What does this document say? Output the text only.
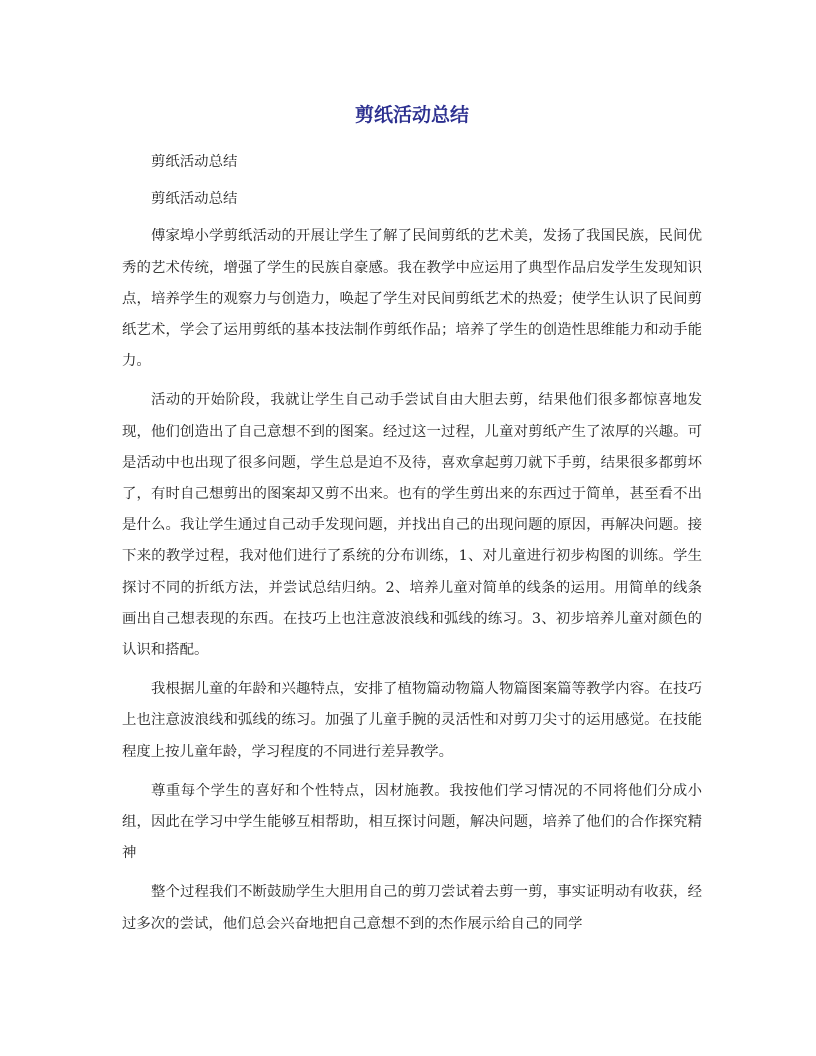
剪纸活动总结

剪纸活动总结

剪纸活动总结

傅家埠小学剪纸活动的开展让学生了解了民间剪纸的艺术美，发扬了我国民族，民间优秀的艺术传统，增强了学生的民族自豪感。我在教学中应运用了典型作品启发学生发现知识点，培养学生的观察力与创造力，唤起了学生对民间剪纸艺术的热爱；使学生认识了民间剪纸艺术，学会了运用剪纸的基本技法制作剪纸作品；培养了学生的创造性思维能力和动手能力。

活动的开始阶段，我就让学生自己动手尝试自由大胆去剪，结果他们很多都惊喜地发现，他们创造出了自己意想不到的图案。经过这一过程，儿童对剪纸产生了浓厚的兴趣。可是活动中也出现了很多问题，学生总是迫不及待，喜欢拿起剪刀就下手剪，结果很多都剪坏了，有时自己想剪出的图案却又剪不出来。也有的学生剪出来的东西过于简单，甚至看不出是什么。我让学生通过自己动手发现问题，并找出自己的出现问题的原因，再解决问题。接下来的教学过程，我对他们进行了系统的分布训练，1、对儿童进行初步构图的训练。学生探讨不同的折纸方法，并尝试总结归纳。2、培养儿童对简单的线条的运用。用简单的线条画出自己想表现的东西。在技巧上也注意波浪线和弧线的练习。3、初步培养儿童对颜色的认识和搭配。

我根据儿童的年龄和兴趣特点，安排了植物篇动物篇人物篇图案篇等教学内容。在技巧上也注意波浪线和弧线的练习。加强了儿童手腕的灵活性和对剪刀尖寸的运用感觉。在技能程度上按儿童年龄，学习程度的不同进行差异教学。

尊重每个学生的喜好和个性特点，因材施教。我按他们学习情况的不同将他们分成小组，因此在学习中学生能够互相帮助，相互探讨问题，解决问题，培养了他们的合作探究精神

整个过程我们不断鼓励学生大胆用自己的剪刀尝试着去剪一剪，事实证明动有收获，经过多次的尝试，他们总会兴奋地把自己意想不到的杰作展示给自己的同学
